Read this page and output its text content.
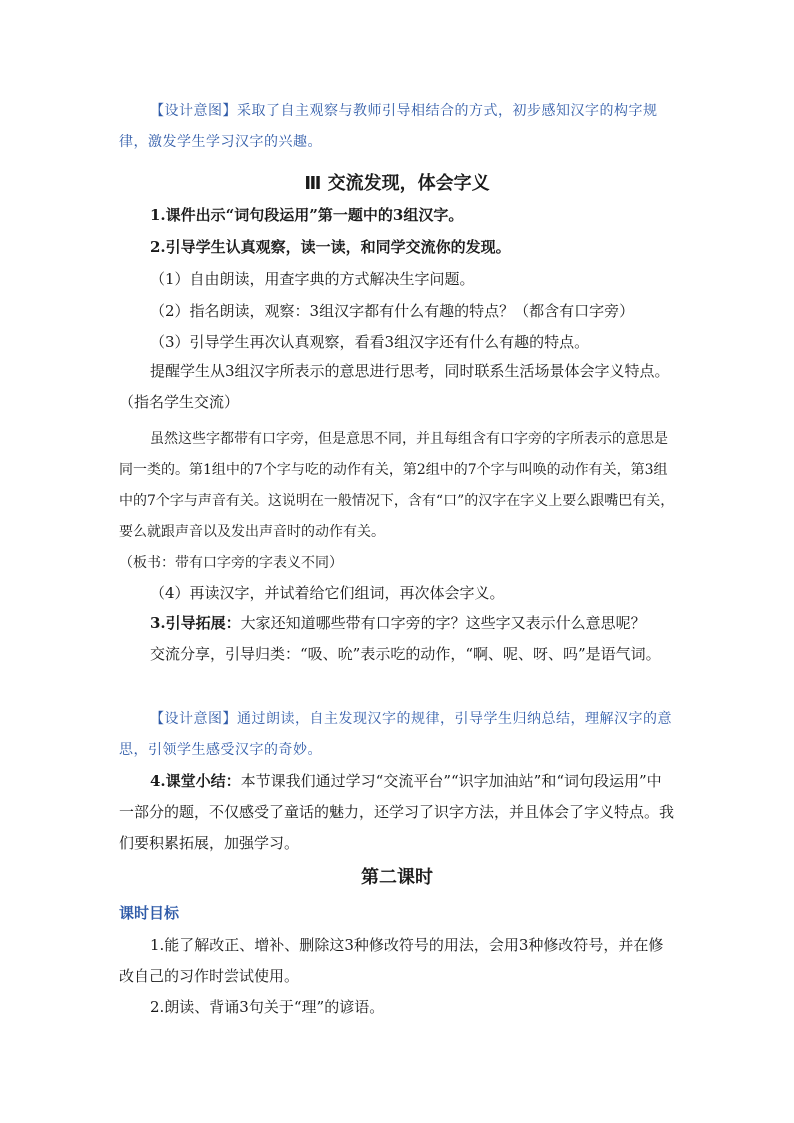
【设计意图】采取了自主观察与教师引导相结合的方式，初步感知汉字的构字规律，激发学生学习汉字的兴趣。

Ⅲ 交流发现，体会字义

1.课件出示“词句段运用”第一题中的3组汉字。

2.引导学生认真观察，读一读，和同学交流你的发现。

（1）自由朗读，用查字典的方式解决生字问题。

（2）指名朗读，观察：3组汉字都有什么有趣的特点？（都含有口字旁）

（3）引导学生再次认真观察，看看3组汉字还有什么有趣的特点。

提醒学生从3组汉字所表示的意思进行思考，同时联系生活场景体会字义特点。（指名学生交流）

虽然这些字都带有口字旁，但是意思不同，并且每组含有口字旁的字所表示的意思是同一类的。第1组中的7个字与吃的动作有关，第2组中的7个字与叫唤的动作有关，第3组中的7个字与声音有关。这说明在一般情况下，含有“口”的汉字在字义上要么跟嘴巴有关，要么就跟声音以及发出声音时的动作有关。

（板书：带有口字旁的字表义不同）

（4）再读汉字，并试着给它们组词，再次体会字义。

3.引导拓展：大家还知道哪些带有口字旁的字？这些字又表示什么意思呢？

交流分享，引导归类：“吸、吮”表示吃的动作，“啊、呢、呀、吗”是语气词。

【设计意图】通过朗读，自主发现汉字的规律，引导学生归纳总结，理解汉字的意思，引领学生感受汉字的奇妙。

4.课堂小结：本节课我们通过学习“交流平台”“识字加油站”和“词句段运用”中一部分的题，不仅感受了童话的魅力，还学习了识字方法，并且体会了字义特点。我们要积累拓展，加强学习。

第二课时

课时目标

1.能了解改正、增补、删除这3种修改符号的用法，会用3种修改符号，并在修改自己的习作时尝试使用。

2.朗读、背诵3句关于“理”的谚语。
